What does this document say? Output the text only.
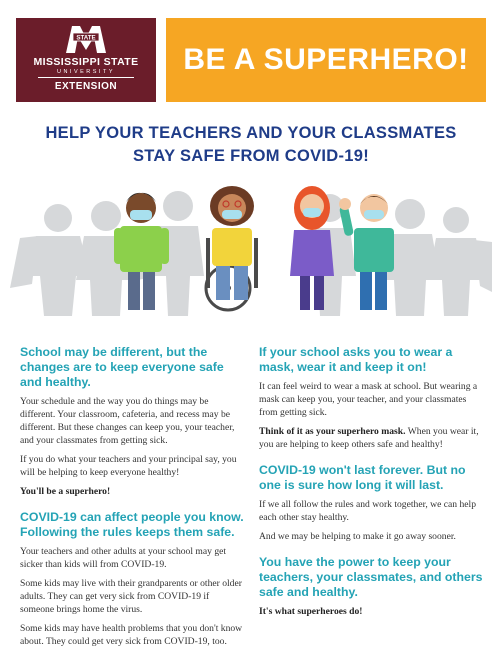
STATE
MISSISSIPPI STATE
UNIVERSITY
EXTENSION
BE A SUPERHERO!
HELP YOUR TEACHERS AND YOUR CLASSMATES
STAY SAFE FROM COVID-19!
School may be different, but the changes are to keep everyone safe and healthy.

Your schedule and the way you do things may be different. Your classroom, cafeteria, and recess may be different. But these changes can keep you, your teacher, and your classmates from getting sick.

If you do what your teachers and your principal say, you will be helping to keep everyone healthy!

You'll be a superhero!

COVID-19 can affect people you know. Following the rules keeps them safe.

Your teachers and other adults at your school may get sicker than kids will from COVID-19.

Some kids may live with their grandparents or other older adults. They can get very sick from COVID-19 if someone brings home the virus.

Some kids may have health problems that you don't know about. They could get very sick from COVID-19, too.

If your school asks you to wear a mask, wear it and keep it on!

It can feel weird to wear a mask at school. But wearing a mask can keep you, your teacher, and your classmates from getting sick.

Think of it as your superhero mask. When you wear it, you are helping to keep others safe and healthy!

COVID-19 won't last forever. But no one is sure how long it will last.

If we all follow the rules and work together, we can help each other stay healthy.

And we may be helping to make it go away sooner.

You have the power to keep your teachers, your classmates, and others safe and healthy.

It's what superheroes do!
